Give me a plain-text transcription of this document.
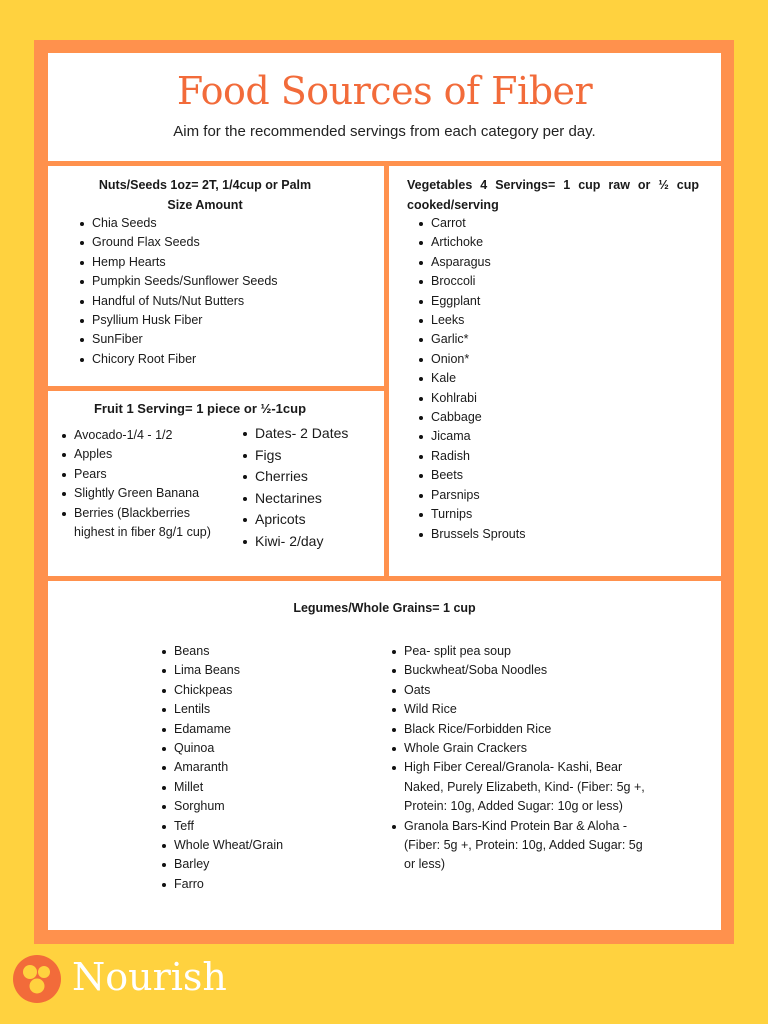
Food Sources of Fiber
Aim for the recommended servings from each category per day.
Nuts/Seeds 1oz= 2T, 1/4cup or Palm
Size Amount
Chia Seeds
Ground Flax Seeds
Hemp Hearts
Pumpkin Seeds/Sunflower Seeds
Handful of Nuts/Nut Butters
Psyllium Husk Fiber
SunFiber
Chicory Root Fiber
Vegetables 4 Servings= 1 cup raw or ½ cup cooked/serving
Carrot
Artichoke
Asparagus
Broccoli
Eggplant
Leeks
Garlic*
Onion*
Kale
Kohlrabi
Cabbage
Jicama
Radish
Beets
Parsnips
Turnips
Brussels Sprouts
Fruit 1 Serving= 1 piece or ½-1cup
Avocado-1/4 - 1/2
Apples
Pears
Slightly Green Banana
Berries (Blackberries highest in fiber 8g/1 cup)
Dates- 2 Dates
Figs
Cherries
Nectarines
Apricots
Kiwi- 2/day
Legumes/Whole Grains= 1 cup
Beans
Lima Beans
Chickpeas
Lentils
Edamame
Quinoa
Amaranth
Millet
Sorghum
Teff
Whole Wheat/Grain
Barley
Farro
Pea- split pea soup
Buckwheat/Soba Noodles
Oats
Wild Rice
Black Rice/Forbidden Rice
Whole Grain Crackers
High Fiber Cereal/Granola- Kashi, Bear Naked, Purely Elizabeth, Kind- (Fiber: 5g +, Protein: 10g, Added Sugar: 10g or less)
Granola Bars-Kind Protein Bar & Aloha - (Fiber: 5g +, Protein: 10g, Added Sugar: 5g or less)
Nourish
